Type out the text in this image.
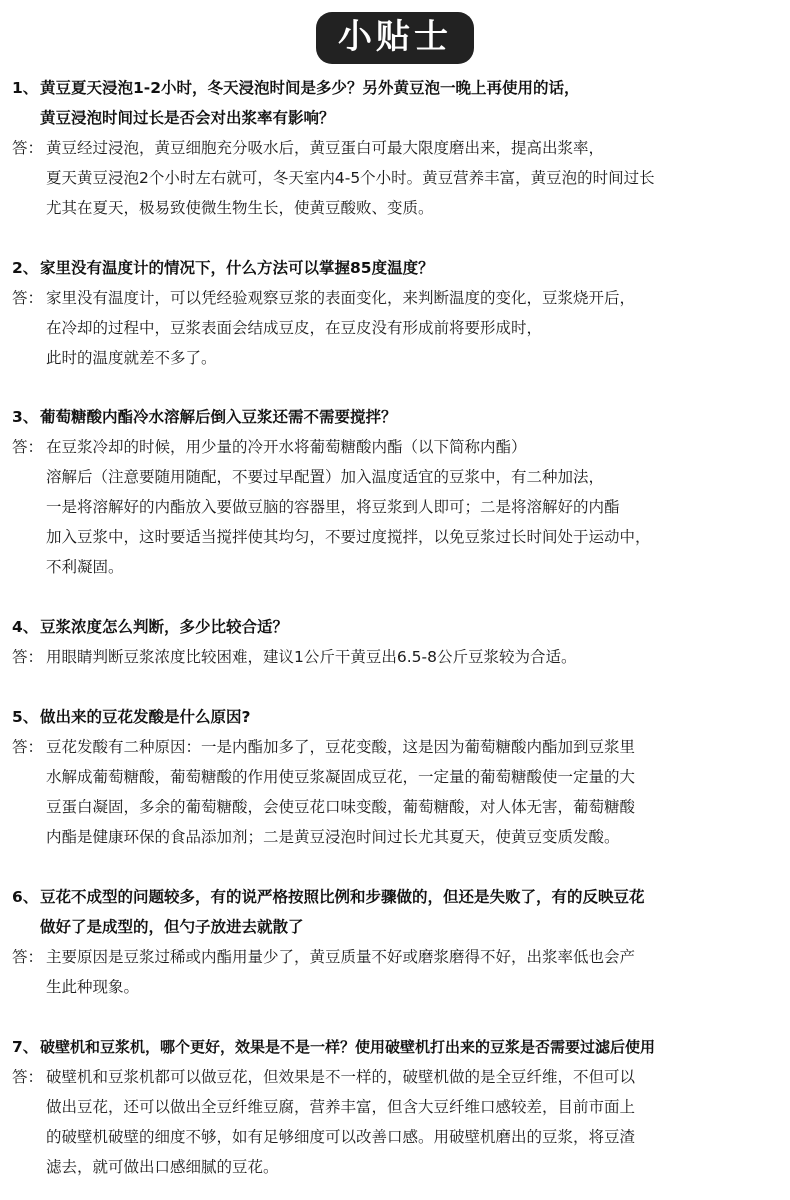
小贴士
1、 黄豆夏天浸泡1-2小时，冬天浸泡时间是多少？另外黄豆泡一晚上再使用的话，
黄豆浸泡时间过长是否会对出浆率有影响？
答： 黄豆经过浸泡，黄豆细胞充分吸水后，黄豆蛋白可最大限度磨出来，提高出浆率，
夏天黄豆浸泡2个小时左右就可，冬天室内4-5个小时。黄豆营养丰富，黄豆泡的时间过长
尤其在夏天，极易致使微生物生长，使黄豆酸败、变质。
2、 家里没有温度计的情况下，什么方法可以掌握85度温度？
答： 家里没有温度计，可以凭经验观察豆浆的表面变化，来判断温度的变化，豆浆烧开后，
在冷却的过程中，豆浆表面会结成豆皮，在豆皮没有形成前将要形成时，
此时的温度就差不多了。
3、 葡萄糖酸内酯冷水溶解后倒入豆浆还需不需要搅拌？
答： 在豆浆冷却的时候，用少量的冷开水将葡萄糖酸内酯（以下简称内酯）
溶解后（注意要随用随配，不要过早配置）加入温度适宜的豆浆中，有二种加法，
一是将溶解好的内酯放入要做豆脑的容器里，将豆浆到人即可；二是将溶解好的内酯
加入豆浆中，这时要适当搅拌使其均匀，不要过度搅拌，以免豆浆过长时间处于运动中，
不利凝固。
4、 豆浆浓度怎么判断，多少比较合适？
答： 用眼睛判断豆浆浓度比较困难，建议1公斤干黄豆出6.5-8公斤豆浆较为合适。
5、 做出来的豆花发酸是什么原因?
答： 豆花发酸有二种原因：一是内酯加多了，豆花变酸，这是因为葡萄糖酸内酯加到豆浆里
水解成葡萄糖酸，葡萄糖酸的作用使豆浆凝固成豆花，一定量的葡萄糖酸使一定量的大
豆蛋白凝固，多余的葡萄糖酸，会使豆花口味变酸，葡萄糖酸，对人体无害，葡萄糖酸
内酯是健康环保的食品添加剂；二是黄豆浸泡时间过长尤其夏天，使黄豆变质发酸。
6、 豆花不成型的问题较多，有的说严格按照比例和步骤做的，但还是失败了，有的反映豆花
做好了是成型的，但勺子放进去就散了
答： 主要原因是豆浆过稀或内酯用量少了，黄豆质量不好或磨浆磨得不好，出浆率低也会产
生此种现象。
7、 破壁机和豆浆机，哪个更好，效果是不是一样？使用破壁机打出来的豆浆是否需要过滤后使用
答： 破壁机和豆浆机都可以做豆花，但效果是不一样的，破壁机做的是全豆纤维，不但可以
做出豆花，还可以做出全豆纤维豆腐，营养丰富，但含大豆纤维口感较差，目前市面上
的破壁机破壁的细度不够，如有足够细度可以改善口感。用破壁机磨出的豆浆，将豆渣
滤去，就可做出口感细腻的豆花。
